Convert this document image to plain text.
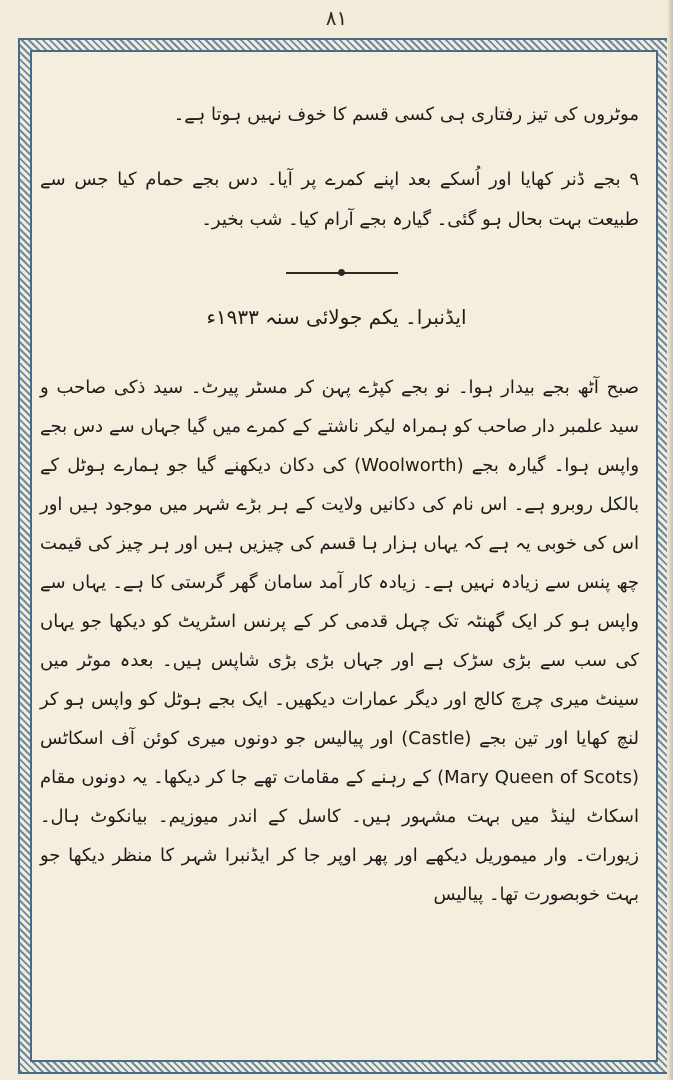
۸۱
موٹروں کی تیز رفتاری ہی کسی قسم کا خوف نہیں ہوتا ہے۔
۹ بجے ڈنر کھایا اور اُسکے بعد اپنے کمرے پر آیا۔ دس بجے حمام کیا جس سے طبیعت بہت بحال ہو گئی۔ گیارہ بجے آرام کیا۔ شب بخیر۔
ایڈنبرا۔ یکم جولائی سنہ ۱۹۳۳ء
صبح آٹھ بجے بیدار ہوا۔ نو بجے کپڑے پہن کر مسٹر پیرٹ۔ سید ذکی صاحب و سید علمبر دار صاحب کو ہمراہ لیکر ناشتے کے کمرے میں گیا جہاں سے دس بجے واپس ہوا۔ گیارہ بجے (Woolworth) کی دکان دیکھنے گیا جو ہمارے ہوٹل کے بالکل روبرو ہے۔ اس نام کی دکانیں ولایت کے ہر بڑے شہر میں موجود ہیں اور اس کی خوبی یہ ہے کہ یہاں ہزار ہا قسم کی چیزیں ہیں اور ہر چیز کی قیمت چھ پنس سے زیادہ نہیں ہے۔ زیادہ کار آمد سامان گھر گرستی کا ہے۔ یہاں سے واپس ہو کر ایک گھنٹہ تک چہل قدمی کر کے پرنس اسٹریٹ کو دیکھا جو یہاں کی سب سے بڑی سڑک ہے اور جہاں بڑی بڑی شاپس ہیں۔ بعدہ موٹر میں سینٹ میری چرچ کالج اور دیگر عمارات دیکھیں۔ ایک بجے ہوٹل کو واپس ہو کر لنچ کھایا اور تین بجے (Castle) اور پیالیس جو دونوں میری کوئن آف اسکاٹس (Mary Queen of Scots) کے رہنے کے مقامات تھے جا کر دیکھا۔ یہ دونوں مقام اسکاٹ لینڈ میں بہت مشہور ہیں۔ کاسل کے اندر میوزیم۔ بیانکوٹ ہال۔ زیورات۔ وار میموریل دیکھے اور پھر اوپر جا کر ایڈنبرا شہر کا منظر دیکھا جو بہت خوبصورت تھا۔ پیالیس
